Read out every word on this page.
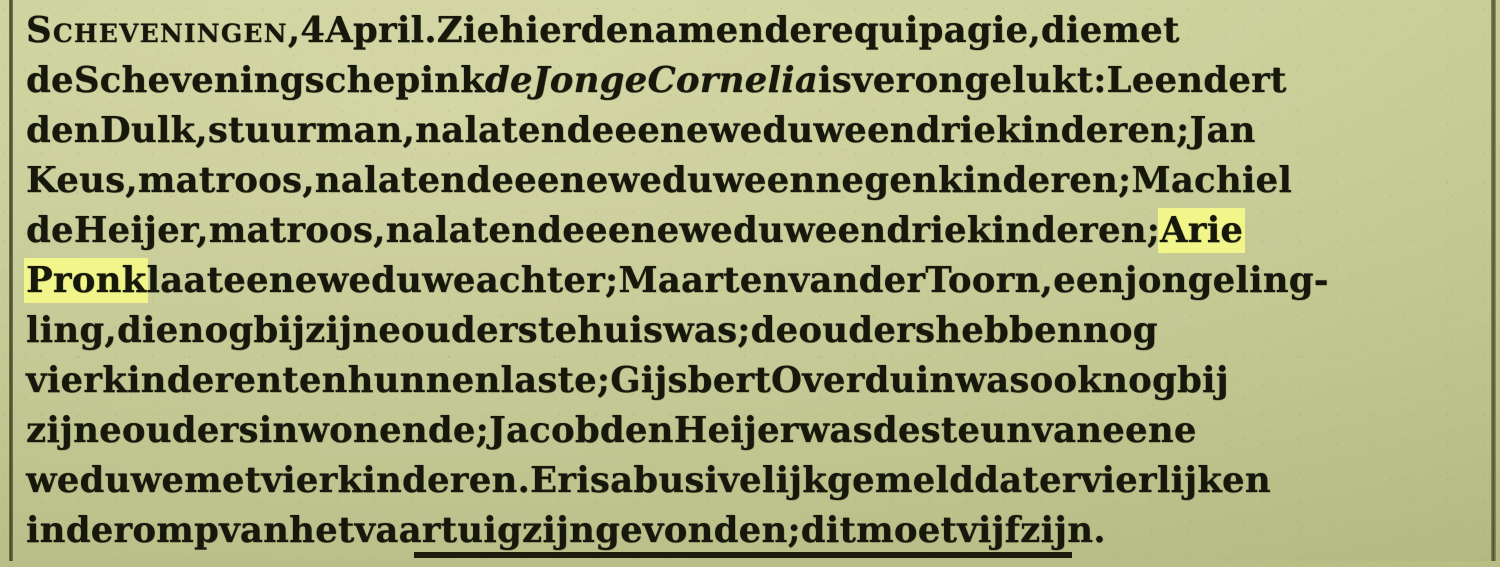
Scheveningen,4April.Ziehierdenamenderequipagie,diemet
deScheveningschepinkdeJongeCorneliaisverongelukt:Leendert
denDulk,stuurman,nalatendeeeneweduweendriekinderen;Jan
Keus,matroos,nalatendeeeneweduweennegenkinderen;Machiel
deHeijer,matroos,nalatendeeeneweduweendriekinderen;Arie
Pronklaateeneweduweachter;MaartenvanderToorn,eenjongeling-
ling,dienogbijzijneouderstehuiswas;deoudershebbennog
vierkinderentenhunnenlaste;GijsbertOverduinwasooknogbij
zijneoudersinwonende;JacobdenHeijerwasdesteunvaneene
weduwemetvierkinderen.Erisabusivelijkgemelddatervierlijken
inderompvanhetvaartuigzijngevonden;ditmoetvijfzijn.
